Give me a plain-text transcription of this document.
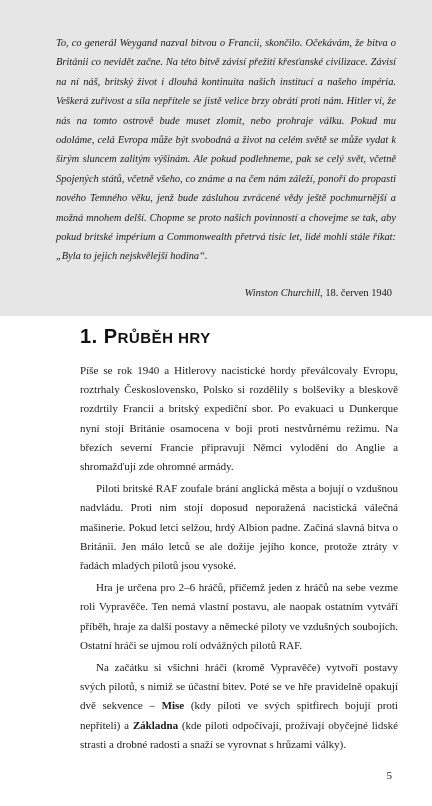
To, co generál Weygand nazval bitvou o Francii, skončilo. Očekávám, že bitva o Británii co nevidět začne. Na této bitvě závisí přežití křesťanské civilizace. Závisí na ní náš, britský život i dlouhá kontinuita našich institucí a našeho impéria. Veškerá zuřivost a síla nepřítele se jistě velice brzy obrátí proti nám. Hitler ví, že nás na tomto ostrově bude muset zlomit, nebo prohraje válku. Pokud mu odoláme, celá Evropa může být svobodná a život na celém světě se může vydat k širým sluncem zalitým výšinám. Ale pokud podlehneme, pak se celý svět, včetně Spojených států, včetně všeho, co známe a na čem nám záleží, ponoří do propasti nového Temného věku, jenž bude zásluhou zvrácené vědy ještě pochmurnější a možná mnohem delší. Chopme se proto našich povinností a chovejme se tak, aby pokud britské impérium a Commonwealth přetrvá tisíc let, lidé mohli stále říkat: „Byla to jejich nejskvělejší hodina“.

Winston Churchill, 18. červen 1940
1. PRŮBĚH HRY

Píše se rok 1940 a Hitlerovy nacistické hordy převálcovaly Evropu, roztrhaly Československo, Polsko si rozdělily s bolševiky a bleskově rozdrtily Francii a britský expediční sbor. Po evakuaci u Dunkerque nyní stojí Británie osamocena v boji proti nestvůrnému režimu. Na březích severní Francie připravují Němci vylodění do Anglie a shromažďují zde ohromné armády.

Piloti britské RAF zoufale brání anglická města a bojují o vzdušnou nadvládu. Proti nim stojí doposud neporažená nacistická válečná mašinerie. Pokud letci selžou, hrdý Albion padne. Začíná slavná bitva o Británii. Jen málo letců se ale dožije jejího konce, protože ztráty v řadách mladých pilotů jsou vysoké.

Hra je určena pro 2–6 hráčů, přičemž jeden z hráčů na sebe vezme roli Vypravěče. Ten nemá vlastní postavu, ale naopak ostatním vytváří příběh, hraje za další postavy a německé piloty ve vzdušných soubojích. Ostatní hráči se ujmou rolí odvážných pilotů RAF.

Na začátku si všichni hráči (kromě Vypravěče) vytvoří postavy svých pilotů, s nimiž se účastní bitev. Poté se ve hře pravidelně opakují dvě sekvence – Mise (kdy piloti ve svých spitfirech bojují proti nepříteli) a Základna (kde piloti odpočívají, prožívají obyčejné lidské strasti a drobné radosti a snaží se vyrovnat s hrůzami války).

5
